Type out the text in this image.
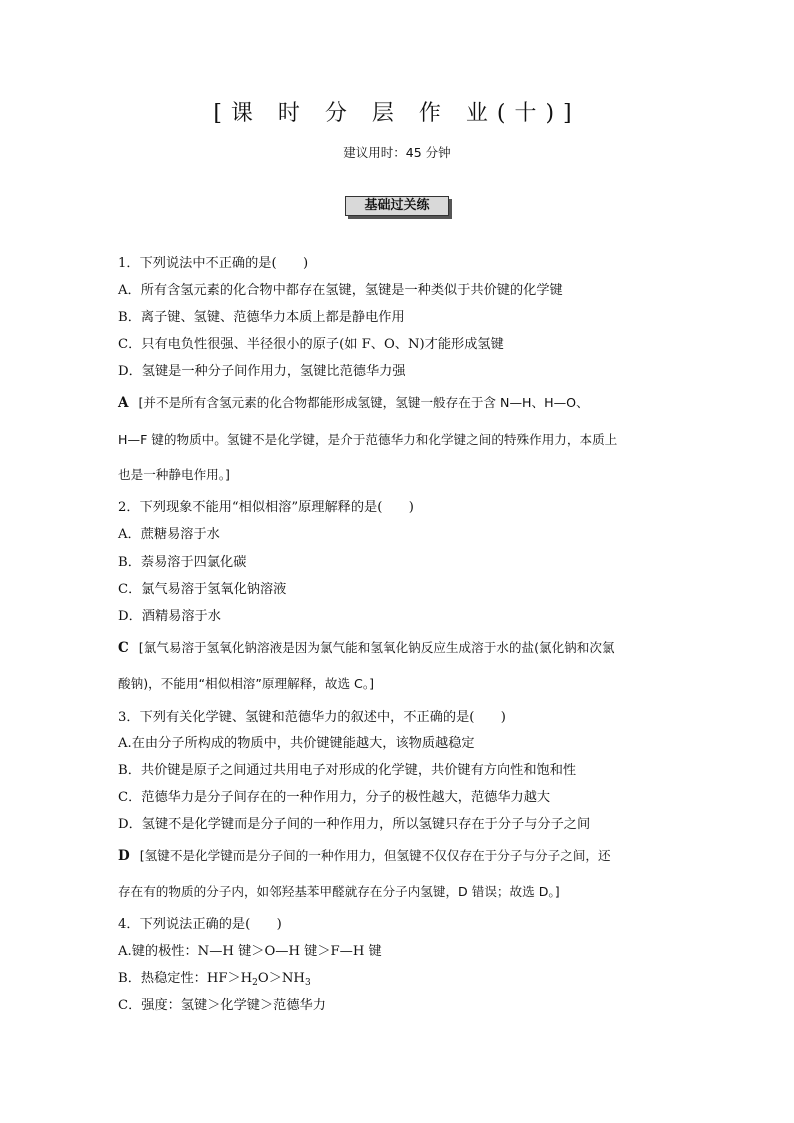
[课 时 分 层 作 业(十)]
建议用时：45 分钟
基础过关练
1．下列说法中不正确的是(　　)
A．所有含氢元素的化合物中都存在氢键，氢键是一种类似于共价键的化学键
B．离子键、氢键、范德华力本质上都是静电作用
C．只有电负性很强、半径很小的原子(如 F、O、N)才能形成氢键
D．氢键是一种分子间作用力，氢键比范德华力强
A [并不是所有含氢元素的化合物都能形成氢键，氢键一般存在于含 N—H、H—O、
H—F 键的物质中。氢键不是化学键，是介于范德华力和化学键之间的特殊作用力，本质上
也是一种静电作用。]
2．下列现象不能用“相似相溶”原理解释的是(　　)
A．蔗糖易溶于水
B．萘易溶于四氯化碳
C．氯气易溶于氢氧化钠溶液
D．酒精易溶于水
C [氯气易溶于氢氧化钠溶液是因为氯气能和氢氧化钠反应生成溶于水的盐(氯化钠和次氯
酸钠)，不能用“相似相溶”原理解释，故选 C。]
3．下列有关化学键、氢键和范德华力的叙述中，不正确的是(　　)
A.在由分子所构成的物质中，共价键键能越大，该物质越稳定
B．共价键是原子之间通过共用电子对形成的化学键，共价键有方向性和饱和性
C．范德华力是分子间存在的一种作用力，分子的极性越大，范德华力越大
D．氢键不是化学键而是分子间的一种作用力，所以氢键只存在于分子与分子之间
D [氢键不是化学键而是分子间的一种作用力，但氢键不仅仅存在于分子与分子之间，还
存在有的物质的分子内，如邻羟基苯甲醛就存在分子内氢键，D 错误；故选 D。]
4．下列说法正确的是(　　)
A.键的极性：N—H 键＞O—H 键＞F—H 键
B．热稳定性：$HF>H_2O>NH_3$
C．强度：氢键＞化学键＞范德华力
